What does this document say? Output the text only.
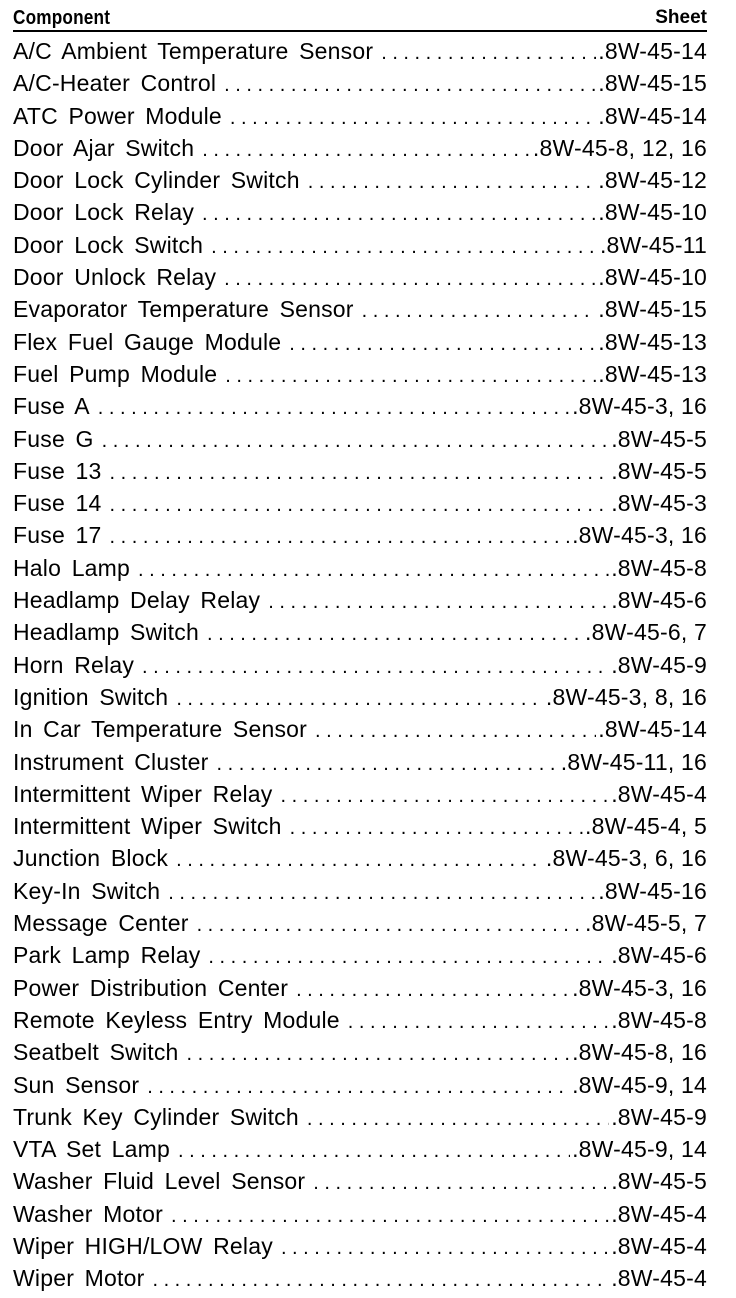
Component	Sheet
A/C Ambient Temperature Sensor . . .	.8W-45-14
A/C-Heater Control . . .	.8W-45-15
ATC Power Module . . .	.8W-45-14
Door Ajar Switch . . .	.8W-45-8, 12, 16
Door Lock Cylinder Switch . . .	.8W-45-12
Door Lock Relay . . .	.8W-45-10
Door Lock Switch . . .	.8W-45-11
Door Unlock Relay . . .	.8W-45-10
Evaporator Temperature Sensor . . .	.8W-45-15
Flex Fuel Gauge Module . . .	.8W-45-13
Fuel Pump Module . . .	.8W-45-13
Fuse A . . .	.8W-45-3, 16
Fuse G . . .	.8W-45-5
Fuse 13 . . .	.8W-45-5
Fuse 14 . . .	.8W-45-3
Fuse 17 . . .	.8W-45-3, 16
Halo Lamp . . .	.8W-45-8
Headlamp Delay Relay . . .	.8W-45-6
Headlamp Switch . . .	.8W-45-6, 7
Horn Relay . . .	.8W-45-9
Ignition Switch . . .	.8W-45-3, 8, 16
In Car Temperature Sensor . . .	.8W-45-14
Instrument Cluster . . .	.8W-45-11, 16
Intermittent Wiper Relay . . .	.8W-45-4
Intermittent Wiper Switch . . .	.8W-45-4, 5
Junction Block . . .	.8W-45-3, 6, 16
Key-In Switch . . .	.8W-45-16
Message Center . . .	.8W-45-5, 7
Park Lamp Relay . . .	.8W-45-6
Power Distribution Center . . .	.8W-45-3, 16
Remote Keyless Entry Module . . .	.8W-45-8
Seatbelt Switch . . .	.8W-45-8, 16
Sun Sensor . . .	.8W-45-9, 14
Trunk Key Cylinder Switch . . .	.8W-45-9
VTA Set Lamp . . .	.8W-45-9, 14
Washer Fluid Level Sensor . . .	.8W-45-5
Washer Motor . . .	.8W-45-4
Wiper HIGH/LOW Relay . . .	.8W-45-4
Wiper Motor . . .	.8W-45-4
